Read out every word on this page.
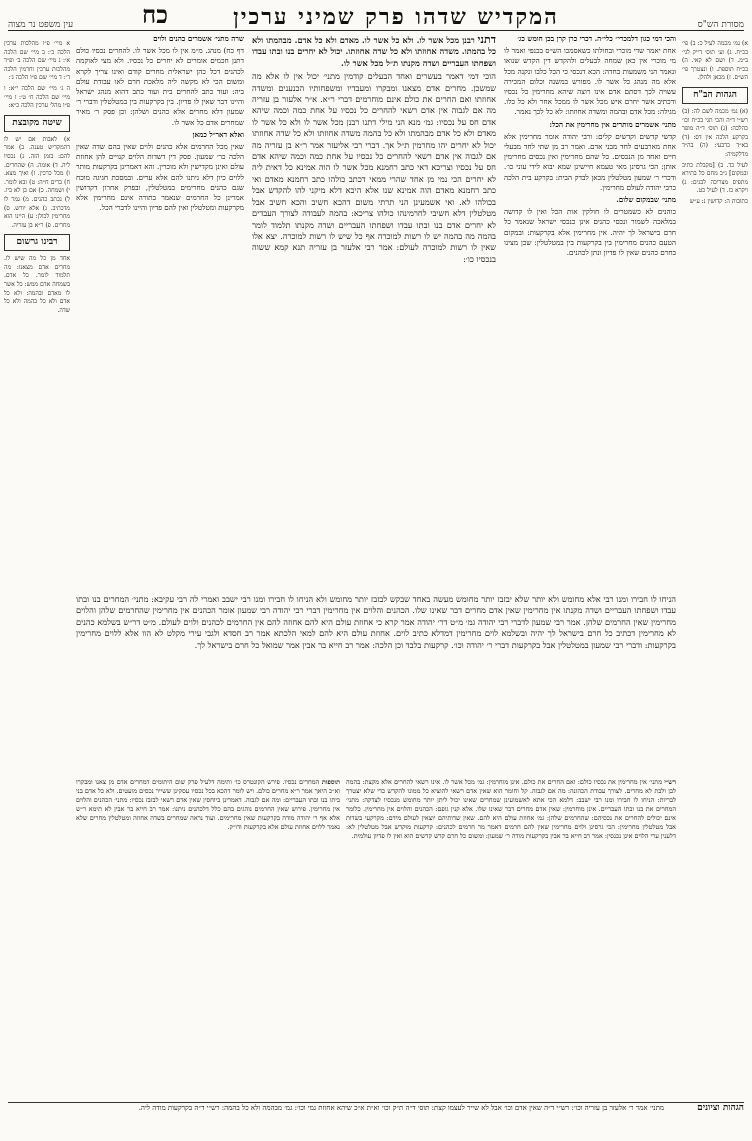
מסורת הש"ס
המקדיש שדהו פרק שמיני ערכין
כח
עין משפט נר מצוה

א) גמ׳ מכמה לעיל כ: ב) פי׳ בכ״ח. ג) וע׳ תוס׳ דייק לגי׳ ב״מ. ד) ושם לא קאי. ה) בכ״ח תוספת. ו) ונצטרך פי׳ הש״ס. ז) מכאן ולהלן.

הגהות הב"ח

(א) גמ׳ מכמה לשם לה: (ב) רש״י ד״ה והכי תגי בכ״ח וכו׳ כהלכה: (ג) תוס׳ ד״ה מופר בקרקע הלכה אין דס: (ד) בא״ד כדבעי: (ה) בה״ד מדלקמיה:

לעיל כד. ב) [מקבלת כתיב ובמקום] נ״ב מחם כל בתירא מתפיס מצריכה לבנים: ג) ויקרא כז. ד) לעיל כט.

כתובות ה: קדושין נ: ע״ש

א מיי׳ פ״ו מהלכות ערכין הלכה כ׳: ב מיי׳ שם הלכה א׳: ג מיי׳ שם הלכה ב׳ ופ״ד מהלכות ערכין וחרמין הלכה ד׳: ד מיי׳ שם פ״ו הלכה ג׳:

ה ג׳ מיי׳ שם הלכה י״א: ו מיי׳ שם הלכה ח׳ ט׳: ז מיי׳ פ״ו מהל׳ ערכין הלכה כ״א:

שיטה מקובצת

א) לאבות אם יש לו דהמקדיש טענה. ב) אמר להם: בזמן הזה. ג) נכסיו ליה. ד) אומה. ה) שהחרים. ו) מכל כרכין. ז) ואיך מצא. ח) ברים ח״ה: ט) ובא לומר. י) ושמחה. כ) אם כן לא ביו. ל) נכתב כהנים. מ) גמר לו מדכתיב. נ) אלא יורש. ס) מחרימין לכולן: ע) היינו הוא מחרים. פ) ר״א בן עזריה.

רבינו גרשום

אחד מן כל מה שיש לו. מחרים אדם מצאנו: מה תלמוד לומר. כל אדם. בשמחה אדם ממש: כל אשר לו מאדם ובהמה: ולא כל אדם ולא כל בהמה ולא כל שדה.

והכי דמי כגון דלמכרי״ כלי״ה. דכרי כרן קרן בכן חומש כג׳

אחת יאמר שדי מוכרי ובחולתו כשאסמכו הש״ס בכנפי ואמר לו מי מוכרי אין כאן שמחה לבעלים ולהקדש דין הקדש שנואו ונאמר הני משמעות בחדה: הכא דנכסי כי הכל כלבו ונקנה מכל אלא מה מנהג כל אשר לו. מפורש במשנה וכלום המכירה עשויה לכך דסתם אדם אינו רוצה שיהא מחרימין כל נכסיו ודכתיב אשר יחרם איש מכל אשר לו ממכל אחר ולא כל כלו. מגילה: מכל אדם ובהמה ומשדה אחוזתו: לא כל לכך נאמר.

מתני׳ אשמרים מותרים אין מחרימין את הכל:

קדשי קדשים וקדשים קלים: ורבי יהודה אומר מחרימין אלא אחת מארבעים לחד מבני אדם. ואמר רב מן שתי לחד מבעלי חיים ואחד מן הנכסים. כל שהם מחרימין ואין נכסים מחרימין אותן: הכי גרסינן מאי טעמא חיישינן שמא יבוא לידי עוני כו׳. ודכרי ר׳ שמעון מטלטלין מכאן לבדק הבית: בקרקע בית הלכה כרבי יהודה לעולם מחרימין.

מתני׳ שבמקום שלום.

כוהנים לא כשמטרים לו חולקין אות הכל ואין לו קדושה במלאכה לשמור ונכסי כהנים אינן כנכסי ישראל שנאמר כל חרם בישראל לך יהיה. אין מחרימין אלא בקרקעות: ובמקום הטעם כהנים מחרימין בין בקרקעות בין במטלטלין: שכן מצינו בחרם כהנים שאין לו פדיון ונתן לכהנים.

דתני רבנן מכל אשר לו. ולא כל אשר לו. מאדם ולא כל אדם. מבהמתו ולא כל בהמתו. משדה אחוזתו ולא כל שדה אחוזתו. יכול לא יחרים בנו ובתו עבדו ושפחתו העבריים ושדה מקנתו ת״ל מכל אשר לו.

הוכי דמי דאמר בעשרים ואחד הבעלים קודמין מתני׳ יכול אין לו אלא מה שמשכן. מחרים אדם מצאנו ומבקרו ומעבדיו ומשפחותיו הכנענים ומשדה אחוזתו ואם החרים את כולם אינם מוחרמים דברי ר״א. א״ר אלעזר בן עזריה מה אם לגבוה אין אדם רשאי להחרים כל נכסיו על אחת כמה וכמה שיהא אדם חס על נכסיו: גמ׳ מנא הני מילי דתנו רבנן מכל אשר לו ולא כל אשר לו מאדם ולא כל אדם מבהמתו ולא כל בהמה משדה אחוזתו ולא כל שדה אחוזתו יכול לא יחרים יהו מחרמין ת״ל אך. דברי רבי אליעזר אמר ר״א בן עזריה מה אם לגבוה אין אדם רשאי להחרים כל נכסיו על אחת כמה וכמה שיהא אדם חס על נכסיו וצריכא דאי כתב רחמנא מכל אשר לו הוה אמינא כל דאית ליה לא יחרים הכי נמי מן אחד שהרי ממאי דכתב כולהו כתב רחמנא מאדם ואי כתב רחמנא מאדם הוה אמינא שנו אלא היכא דלא מיקני להו להקדש אבל בכולהו לא. ואי אשמעינן הני תרתי משום דהכא חשיב והכא חשיב אבל מטלטלין דלא חשיבי לחרמינהו כולהו צריכא: בהמה לעבודה לצורך העבדים לא יחרים אדם בנו ובתו עבדו ושפחתו העבריים ושדה מקנתו תלמוד לומר בהמה מה בהמה יש לו רשות למוכרה אף כל שיש לו רשות למוכרה. יצא אלו שאין לו רשות למוכרה לעולם: אמר רבי אלעזר בן עזריה תנא קמא ששוה בנכסיו כו׳:

שרה מתני׳ אשמרים כהנים ולוים

דף כח) מנהג. מ״מ אין לו מכל אשר לו. להחרים נכסיו כולם דתנן חכמים אומרים לא יחרים כל נכסיו. ולא מצי לאוקמה לכהנים דכל כהן ישראלית מחרים קודם ואינו צריך לקרא ומשום הכי לא מקשה ליה מלאכת חרם לאו עבודת עולם ביה: ועוד כתב להחרים בית ועוד כתב דהוא מנהג ישראל והיינו דבר שאין לו פדיון. בין בקרקעות בין במטלטלין ודברי ר׳ שמעון דלא מחרים אלא כהנים ושלהן: וכן פסק ר׳ מאיר שמחרים אדם כל אשר לו.

ואלא דאר״ל כמאן

שאין מכל החרמים אלא כהנים ולוים שאין בהם שדה שאין הלכה כר׳ שמעון. פסק דין דשדות הלוים קנויים להן אחוזת עולם ואינן מקדישין ולא מוכרין. והא דאמרינן בקרקעות מותר ללוים כיון דלא ניתנו להם אלא ערים. ובמסכת חגיגה מוכח שגם כהנים מחרימים במטלטלין, ובפרק אחרון דקדושין אמרינן כל החרמים שנאמר בתורה אינם מחרימין אלא מקרקעות ומטלטלין ואין להם פדיון והיינו לדברי הכל.

הניחו לו חבירו ומנו רבי אלא מחומש ולא יותר שלא יבזבז יותר מחומש מעשה באחד שבקש לבזבז יותר מחומש ולא הניחו לו חבירו ומנו רבי ישבב ואמרי לה רבי עקיבא: מתני׳ המחרים בנו ובתו עבדו ושפחתו העבריים ושדה מקנתו אין מחרימין שאין אדם מחרים דבר שאינו שלו. הכהנים והלוים אין מחרימין דברי רבי יהודה רבי שמעון אומר הכהנים אין מחרימין שהחרמים שלהן והלוים מחרימין שאין החרמים שלהן. אמר רבי שמעון לדברי רבי יהודה גמ׳ מ״ט דר׳ יהודה אמר קרא כי אחוזת עולם היא להם אחוזה להם אין החרמים לכהנים ולוים לעולם. מ״ט דר״ש בשלמא כהנים לא מחרימין דכתיב כל חרם בישראל לך יהיה ובשלמא לוים מחרימין דמדלא כתיב לוים. אחוזת עולם היא להם למאי הלכתא אמר רב חסדא ולגבי עירי מקלט לא הוו אלא ללוים מחרימין בקרקעות: ודברי רבי שמעון במטלטלין אבל בקרקעות דברי ר׳ יהודה וכו׳. קרקעות בלבד וכן הלכה: אמר רב חייא בר אבין אמר שמואל כל חרם בישראל לך.

רש״י מתני׳ אין מחרימין את נכסיו כולם: ואם החרים את כולם. אינן מוחרמין: גמ׳ מכל אשר לו. אינו רשאי להחרים אלא מקצת: בהמה לבן ולבת לא מחרים. לצורך עבודת הכהונה: מה אם לגבוה. קל וחומר הוא שאין אדם רשאי להוציא כל ממונו להקדש כדי שלא יצטרך לבריות: הניחו לו חבירו ומנו רבי ישבב: דלמא הכי אתא לאשמועינן שמחרים שאינו יכול ליתן יותר מחומש מנכסיו לצדקה: מתני׳ המחרים את בנו ובתו העבריים. אינן מוחרמין: שאין אדם מחרים דבר שאינו שלו. אלא קנין גופם: הכהנים והלוים אין מחרימין. כלומר אינם יכולים להחרים את נכסיהם: שהחרמים שלהן: גמ׳ אחוזת עולם היא להם. שאין שדותיהם יוצאין לעולם מידם: מקרקעי בשדות אבל מטלטלין מחרימין: הכי גרסינן ולוים מחרימין שאין להם חרמים דאמר מר חרמים לכהנים: קרקעות מוקדש אבל מטלטלין לא: דלענין ערי הלוים אינן נכנסין: אמר רב חייא בר אבין בקרקעות מודה ר׳ שמעון: ומשום כל חרם קדש קדשים הוא ואין לו פדיון עולמית.

תוספות המחרים נכסיו. פירש הקונטרס כו׳ ותימה דלעיל פרק שום היתומים דמחרים אדם מן צאנו ומבקרו וא״כ היאך אמר ר״א מחרים כולם. ויש לומר דהכא בכל נכסיו עסקינן ששייר נכסים מועטים. ולא כל אדם בני ביתו בנו ובתו העבריים: ומה אם לגבוה. דאמרינן ביוחסין שאין אדם רשאי לבזבז נכסיו: מתני׳ הכהנים והלוים אין מחרימין. פירוש שאין החרמים נוהגים בהם כלל דלכהנים ניתנו: אמר רב חייא בר אבין לא תימא ר״ש אלא אף ר׳ יהודה מודה בקרקעות שאין מחרימים. ועוד נראה שמחרים בשדה אחוזה ומטלטלין מחרים שלא נאמר ללוים אחוזת עולם אלא בקרקעות ודו״ק.

הגהות וציונים
מתני׳ אמר ר׳ אלעזר בן עזריה וכו׳: רש״י ד״ה שאין אדם וכו׳ אבל לא שייר לעצמו קצת: תוס׳ ד״ה ת״ק וכו׳ וא״ת א״כ שיהא אחוזת נמי וכו׳: גמ׳ מבהמה ולא כל בהמה: רש״י ד״ה בקרקעות מודה ליה.
